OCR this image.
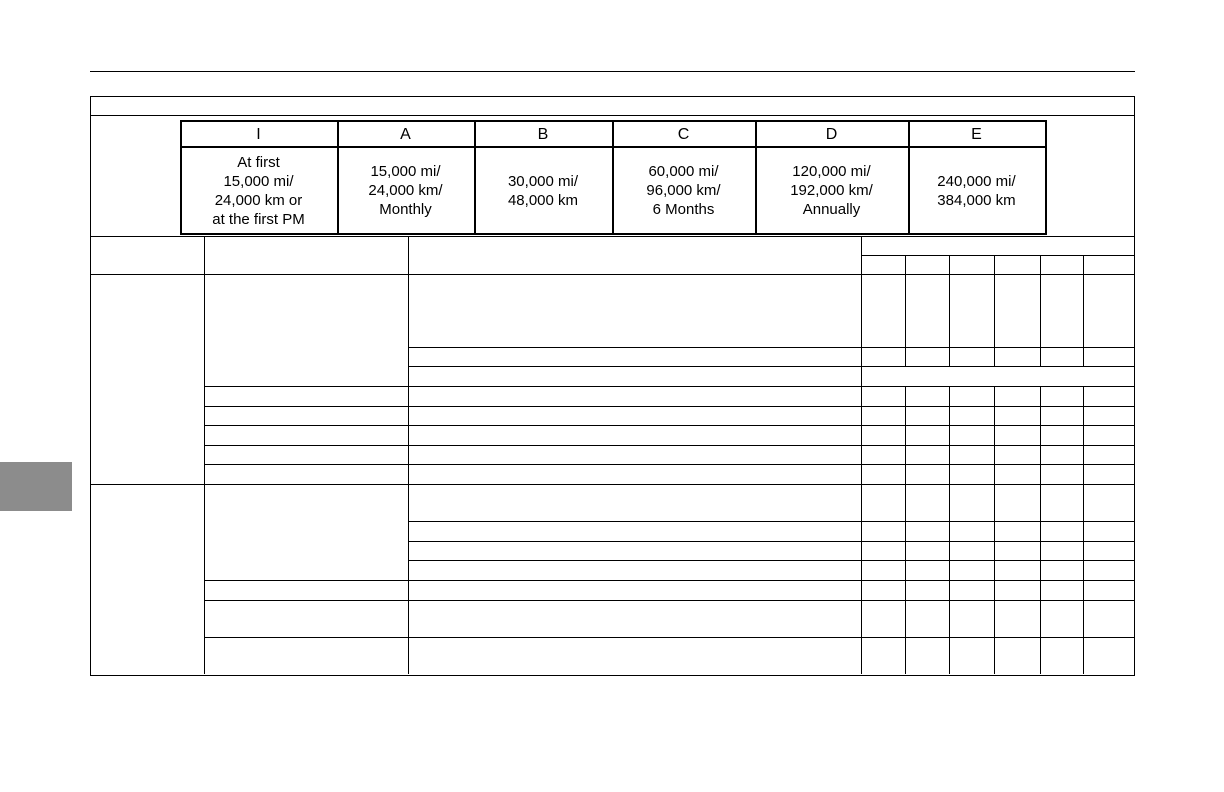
I
At first
15,000 mi/
24,000 km or
at the first PM
A
15,000 mi/
24,000 km/
Monthly
B
30,000 mi/
48,000 km
C
60,000 mi/
96,000 km/
6 Months
D
120,000 mi/
192,000 km/
Annually
E
240,000 mi/
384,000 km
